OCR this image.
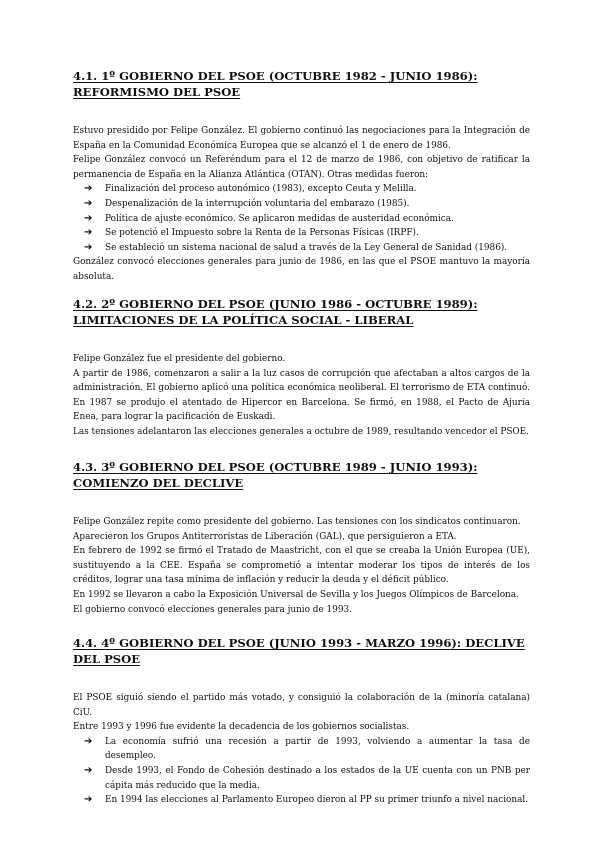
4.1. 1º GOBIERNO DEL PSOE (OCTUBRE 1982 - JUNIO 1986): REFORMISMO DEL PSOE

Estuvo presidido por Felipe González. El gobierno continuó las negociaciones para la Integración de España en la Comunidad Económica Europea que se alcanzó el 1 de enero de 1986.

Felipe González convocó un Referéndum para el 12 de marzo de 1986, con objetivo de ratificar la permanencia de España en la Alianza Atlántica (OTAN). Otras medidas fueron:

➔ Finalización del proceso autonómico (1983), excepto Ceuta y Melilla.
➔ Despenalización de la interrupción voluntaria del embarazo (1985).
➔ Política de ajuste económico. Se aplicaron medidas de austeridad económica.
➔ Se potenció el Impuesto sobre la Renta de la Personas Físicas (IRPF).
➔ Se estableció un sistema nacional de salud a través de la Ley General de Sanidad (1986).

González convocó elecciones generales para junio de 1986, en las que el PSOE mantuvo la mayoría absoluta.

4.2. 2º GOBIERNO DEL PSOE (JUNIO 1986 - OCTUBRE 1989): LIMITACIONES DE LA POLÍTICA SOCIAL - LIBERAL

Felipe González fue el presidente del gobierno.

A partir de 1986, comenzaron a salir a la luz casos de corrupción que afectaban a altos cargos de la administración. El gobierno aplicó una política económica neoliberal. El terrorismo de ETA continuó. En 1987 se produjo el atentado de Hipercor en Barcelona. Se firmó, en 1988, el Pacto de Ajuria Enea, para lograr la pacificación de Euskadi.

Las tensiones adelantaron las elecciones generales a octubre de 1989, resultando vencedor el PSOE.

4.3. 3º GOBIERNO DEL PSOE (OCTUBRE 1989 - JUNIO 1993): COMIENZO DEL DECLIVE

Felipe González repite como presidente del gobierno. Las tensiones con los sindicatos continuaron.

Aparecieron los Grupos Antiterroristas de Liberación (GAL), que persiguieron a ETA.

En febrero de 1992 se firmó el Tratado de Maastricht, con el que se creaba la Unión Europea (UE), sustituyendo a la CEE. España se comprometió a intentar moderar los tipos de interés de los créditos, lograr una tasa mínima de inflación y reducir la deuda y el déficit público.

En 1992 se llevaron a cabo la Exposición Universal de Sevilla y los Juegos Olímpicos de Barcelona.

El gobierno convocó elecciones generales para junio de 1993.

4.4. 4º GOBIERNO DEL PSOE (JUNIO 1993 - MARZO 1996): DECLIVE DEL PSOE

El PSOE siguió siendo el partido más votado, y consiguió la colaboración de la (minoría catalana) CiU.

Entre 1993 y 1996 fue evidente la decadencia de los gobiernos socialistas.

➔ La economía sufrió una recesión a partir de 1993, volviendo a aumentar la tasa de desempleo.
➔ Desde 1993, el Fondo de Cohesión destinado a los estados de la UE cuenta con un PNB per cápita más reducido que la media.
➔ En 1994 las elecciones al Parlamento Europeo dieron al PP su primer triunfo a nivel nacional.
